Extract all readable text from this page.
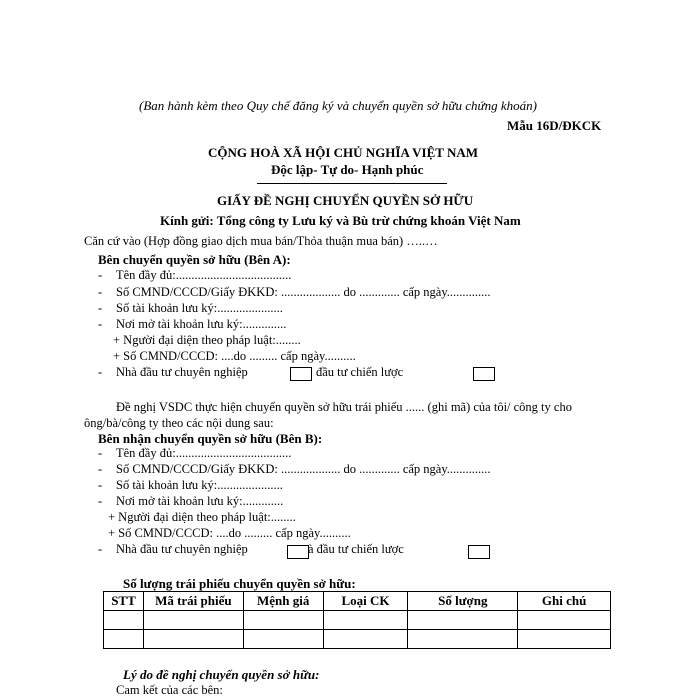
(Ban hành kèm theo Quy chế đăng ký và chuyển quyền sở hữu chứng khoán)
Mẫu 16D/ĐKCK
CỘNG HOÀ XÃ HỘI CHỦ NGHĨA VIỆT NAM
Độc lập- Tự do- Hạnh phúc
GIẤY ĐỀ NGHỊ CHUYỂN QUYỀN SỞ HỮU
Kính gửi: Tổng công ty Lưu ký và Bù trừ chứng khoán Việt Nam
Căn cứ vào (Hợp đồng giao dịch mua bán/Thỏa thuận mua bán) …..…
Bên chuyển quyền sở hữu (Bên A):
- Tên đầy đủ:.....................................
- Số CMND/CCCD/Giấy ĐKKD: ................... do ............. cấp ngày..............
- Số tài khoản lưu ký:.....................
- Nơi mở tài khoản lưu ký:..............
+ Người đại diện theo pháp luật:........
+ Số CMND/CCCD: ....do ......... cấp ngày..........
- Nhà đầu tư chuyên nghiệp	đầu tư chiến lược
Đề nghị VSDC thực hiện chuyển quyền sở hữu trái phiếu ...... (ghi mã) của tôi/ công ty cho
ông/bà/công ty theo các nội dung sau:
Bên nhận chuyển quyền sở hữu (Bên B):
- Tên đầy đủ:.....................................
- Số CMND/CCCD/Giấy ĐKKD: ................... do ............. cấp ngày..............
- Số tài khoản lưu ký:.....................
- Nơi mở tài khoản lưu ký:.............
+ Người đại diện theo pháp luật:........
+ Số CMND/CCCD: ....do ......... cấp ngày..........
- Nhà đầu tư chuyên nghiệp	à đầu tư chiến lược
Số lượng trái phiếu chuyển quyền sở hữu:
STT	Mã trái phiếu	Mệnh giá	Loại CK	Số lượng	Ghi chú

Lý do đề nghị chuyển quyền sở hữu:
Cam kết của các bên:
